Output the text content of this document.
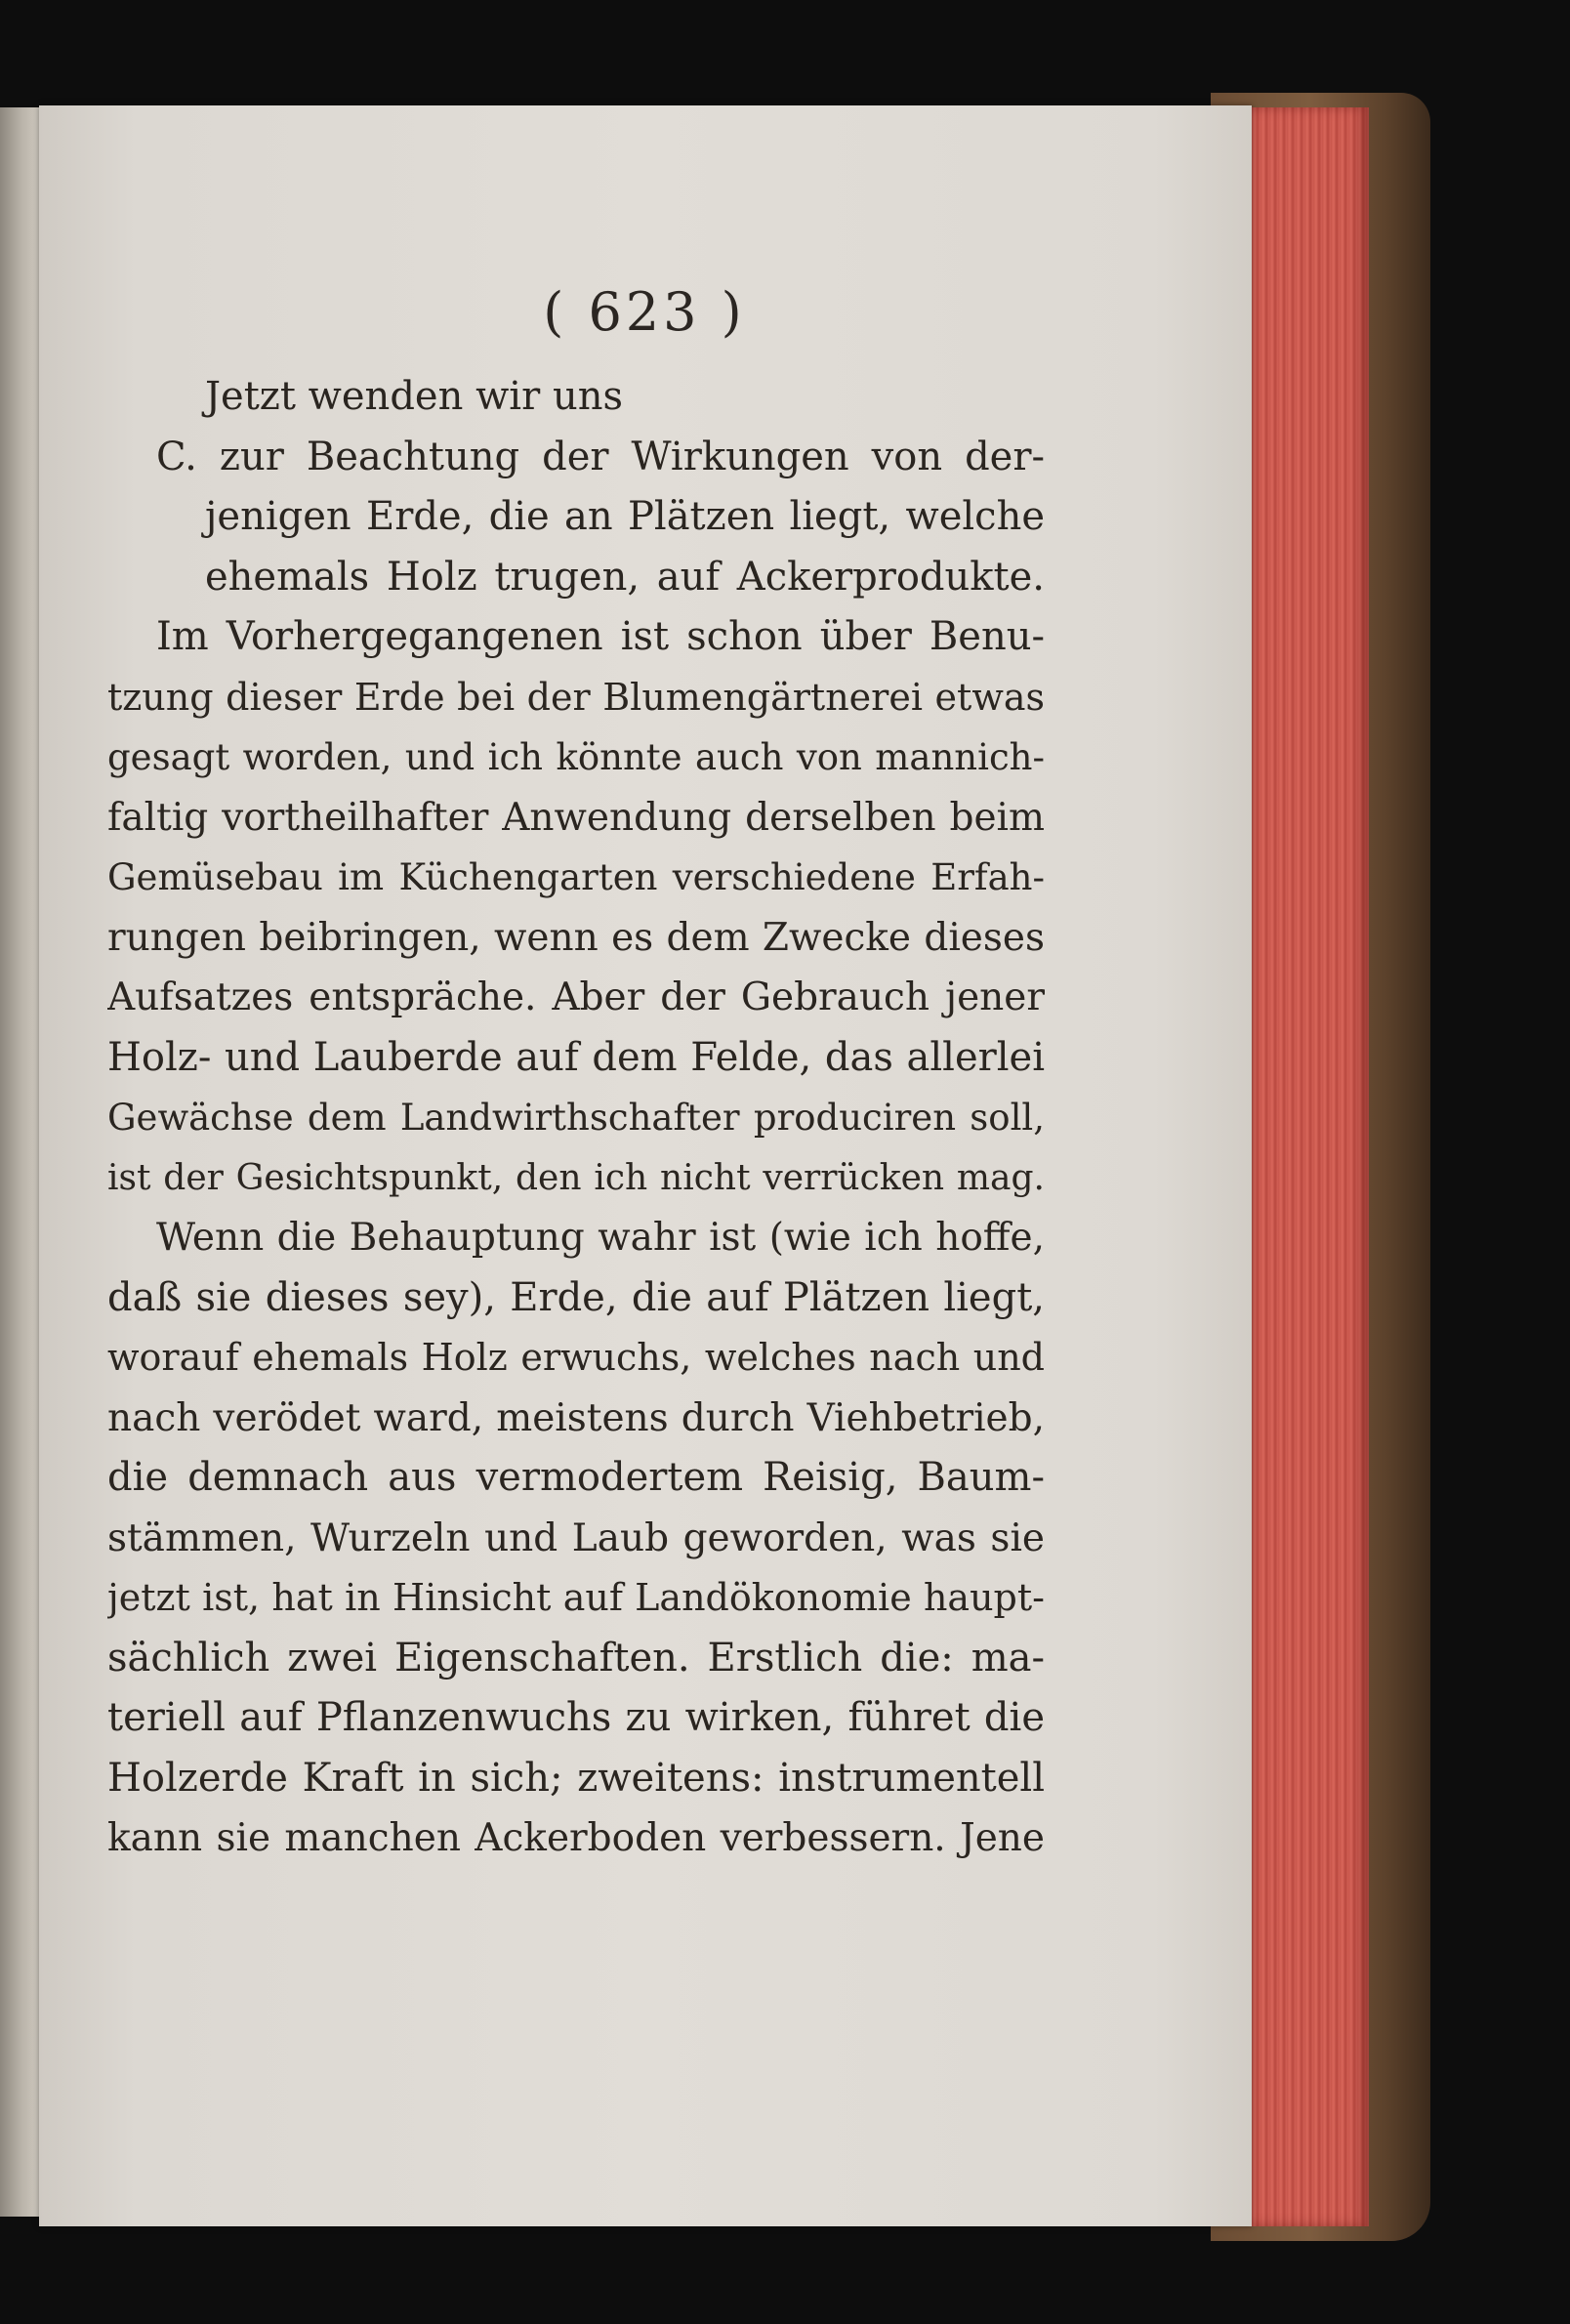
( 623 )
Jetzt wenden wir uns
C. zur Beachtung der Wirkungen von der-
jenigen Erde, die an Plätzen liegt, welche
ehemals Holz trugen, auf Ackerprodukte.
Im Vorhergegangenen ist schon über Benu-
tzung dieser Erde bei der Blumengärtnerei etwas
gesagt worden, und ich könnte auch von mannich-
faltig vortheilhafter Anwendung derselben beim
Gemüsebau im Küchengarten verschiedene Erfah-
rungen beibringen, wenn es dem Zwecke dieses
Aufsatzes entspräche. Aber der Gebrauch jener
Holz- und Lauberde auf dem Felde, das allerlei
Gewächse dem Landwirthschafter produciren soll,
ist der Gesichtspunkt, den ich nicht verrücken mag.
Wenn die Behauptung wahr ist (wie ich hoffe,
daß sie dieses sey), Erde, die auf Plätzen liegt,
worauf ehemals Holz erwuchs, welches nach und
nach verödet ward, meistens durch Viehbetrieb,
die demnach aus vermodertem Reisig, Baum-
stämmen, Wurzeln und Laub geworden, was sie
jetzt ist, hat in Hinsicht auf Landökonomie haupt-
sächlich zwei Eigenschaften. Erstlich die: ma-
teriell auf Pflanzenwuchs zu wirken, führet die
Holzerde Kraft in sich; zweitens: instrumentell
kann sie manchen Ackerboden verbessern. Jene
